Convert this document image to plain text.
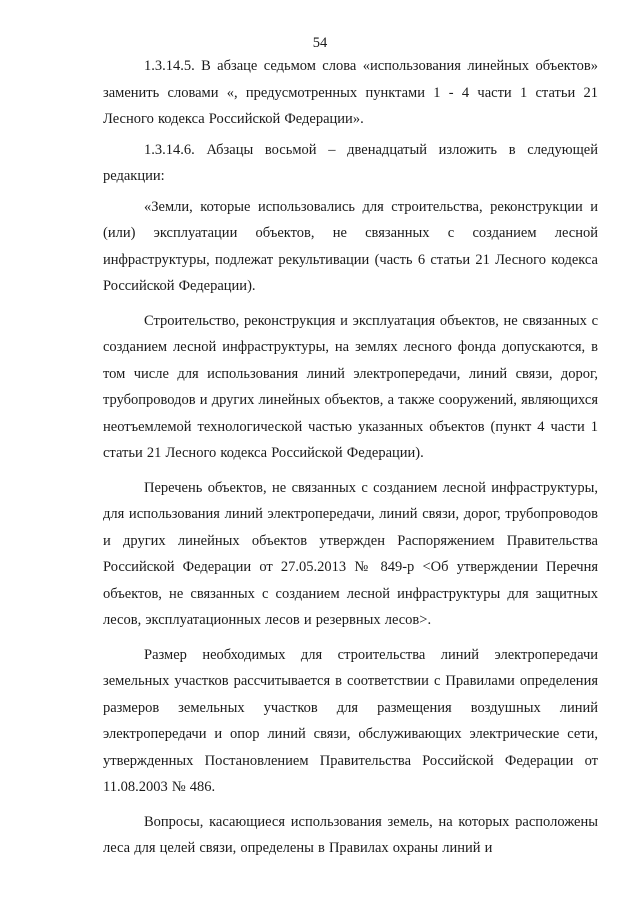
54

1.3.14.5. В абзаце седьмом слова «использования линейных объектов» заменить словами «, предусмотренных пунктами 1 - 4 части 1 статьи 21 Лесного кодекса Российской Федерации».

1.3.14.6. Абзацы восьмой – двенадцатый изложить в следующей редакции:

«Земли, которые использовались для строительства, реконструкции и (или) эксплуатации объектов, не связанных с созданием лесной инфраструктуры, подлежат рекультивации (часть 6 статьи 21 Лесного кодекса Российской Федерации).

Строительство, реконструкция и эксплуатация объектов, не связанных с созданием лесной инфраструктуры, на землях лесного фонда допускаются, в том числе для использования линий электропередачи, линий связи, дорог, трубопроводов и других линейных объектов, а также сооружений, являющихся неотъемлемой технологической частью указанных объектов (пункт 4 части 1 статьи 21 Лесного кодекса Российской Федерации).

Перечень объектов, не связанных с созданием лесной инфраструктуры, для использования линий электропередачи, линий связи, дорог, трубопроводов и других линейных объектов утвержден Распоряжением Правительства Российской Федерации от 27.05.2013 № 849-р <Об утверждении Перечня объектов, не связанных с созданием лесной инфраструктуры для защитных лесов, эксплуатационных лесов и резервных лесов>.

Размер необходимых для строительства линий электропередачи земельных участков рассчитывается в соответствии с Правилами определения размеров земельных участков для размещения воздушных линий электропередачи и опор линий связи, обслуживающих электрические сети, утвержденных Постановлением Правительства Российской Федерации от 11.08.2003 № 486.

Вопросы, касающиеся использования земель, на которых расположены леса для целей связи, определены в Правилах охраны линий и
